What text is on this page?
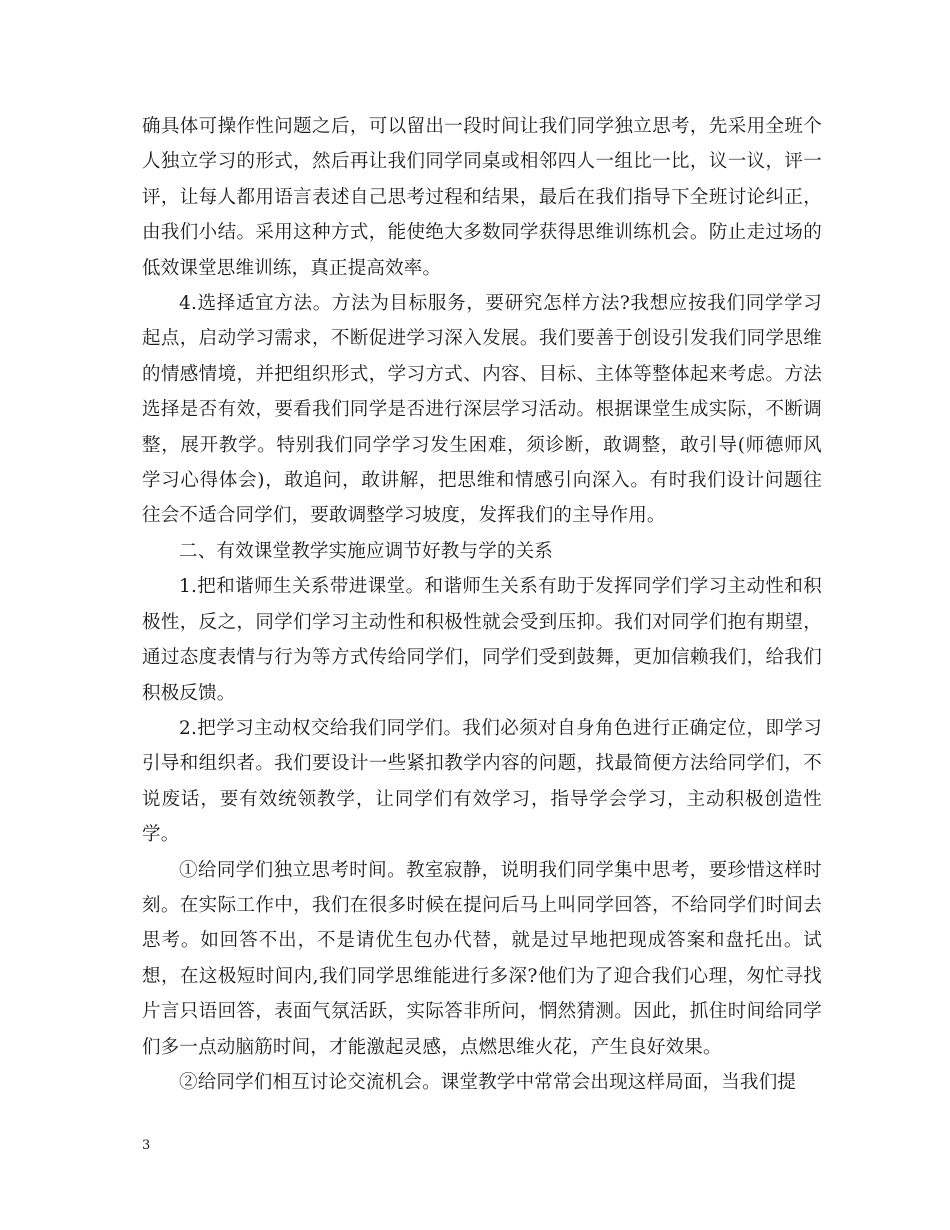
确具体可操作性问题之后，可以留出一段时间让我们同学独立思考，先采用全班个人独立学习的形式，然后再让我们同学同桌或相邻四人一组比一比，议一议，评一评，让每人都用语言表述自己思考过程和结果，最后在我们指导下全班讨论纠正，由我们小结。采用这种方式，能使绝大多数同学获得思维训练机会。防止走过场的低效课堂思维训练，真正提高效率。

4.选择适宜方法。方法为目标服务，要研究怎样方法?我想应按我们同学学习起点，启动学习需求，不断促进学习深入发展。我们要善于创设引发我们同学思维的情感情境，并把组织形式，学习方式、内容、目标、主体等整体起来考虑。方法选择是否有效，要看我们同学是否进行深层学习活动。根据课堂生成实际，不断调整，展开教学。特别我们同学学习发生困难，须诊断，敢调整，敢引导(师德师风学习心得体会)，敢追问，敢讲解，把思维和情感引向深入。有时我们设计问题往往会不适合同学们，要敢调整学习坡度，发挥我们的主导作用。

二、有效课堂教学实施应调节好教与学的关系

1.把和谐师生关系带进课堂。和谐师生关系有助于发挥同学们学习主动性和积极性，反之，同学们学习主动性和积极性就会受到压抑。我们对同学们抱有期望，通过态度表情与行为等方式传给同学们，同学们受到鼓舞，更加信赖我们，给我们积极反馈。

2.把学习主动权交给我们同学们。我们必须对自身角色进行正确定位，即学习引导和组织者。我们要设计一些紧扣教学内容的问题，找最简便方法给同学们，不说废话，要有效统领教学，让同学们有效学习，指导学会学习，主动积极创造性学。

①给同学们独立思考时间。教室寂静，说明我们同学集中思考，要珍惜这样时刻。在实际工作中，我们在很多时候在提问后马上叫同学回答，不给同学们时间去思考。如回答不出，不是请优生包办代替，就是过早地把现成答案和盘托出。试想，在这极短时间内,我们同学思维能进行多深?他们为了迎合我们心理，匆忙寻找片言只语回答，表面气氛活跃，实际答非所问，惘然猜测。因此，抓住时间给同学们多一点动脑筋时间，才能激起灵感，点燃思维火花，产生良好效果。

②给同学们相互讨论交流机会。课堂教学中常常会出现这样局面，当我们提

3
